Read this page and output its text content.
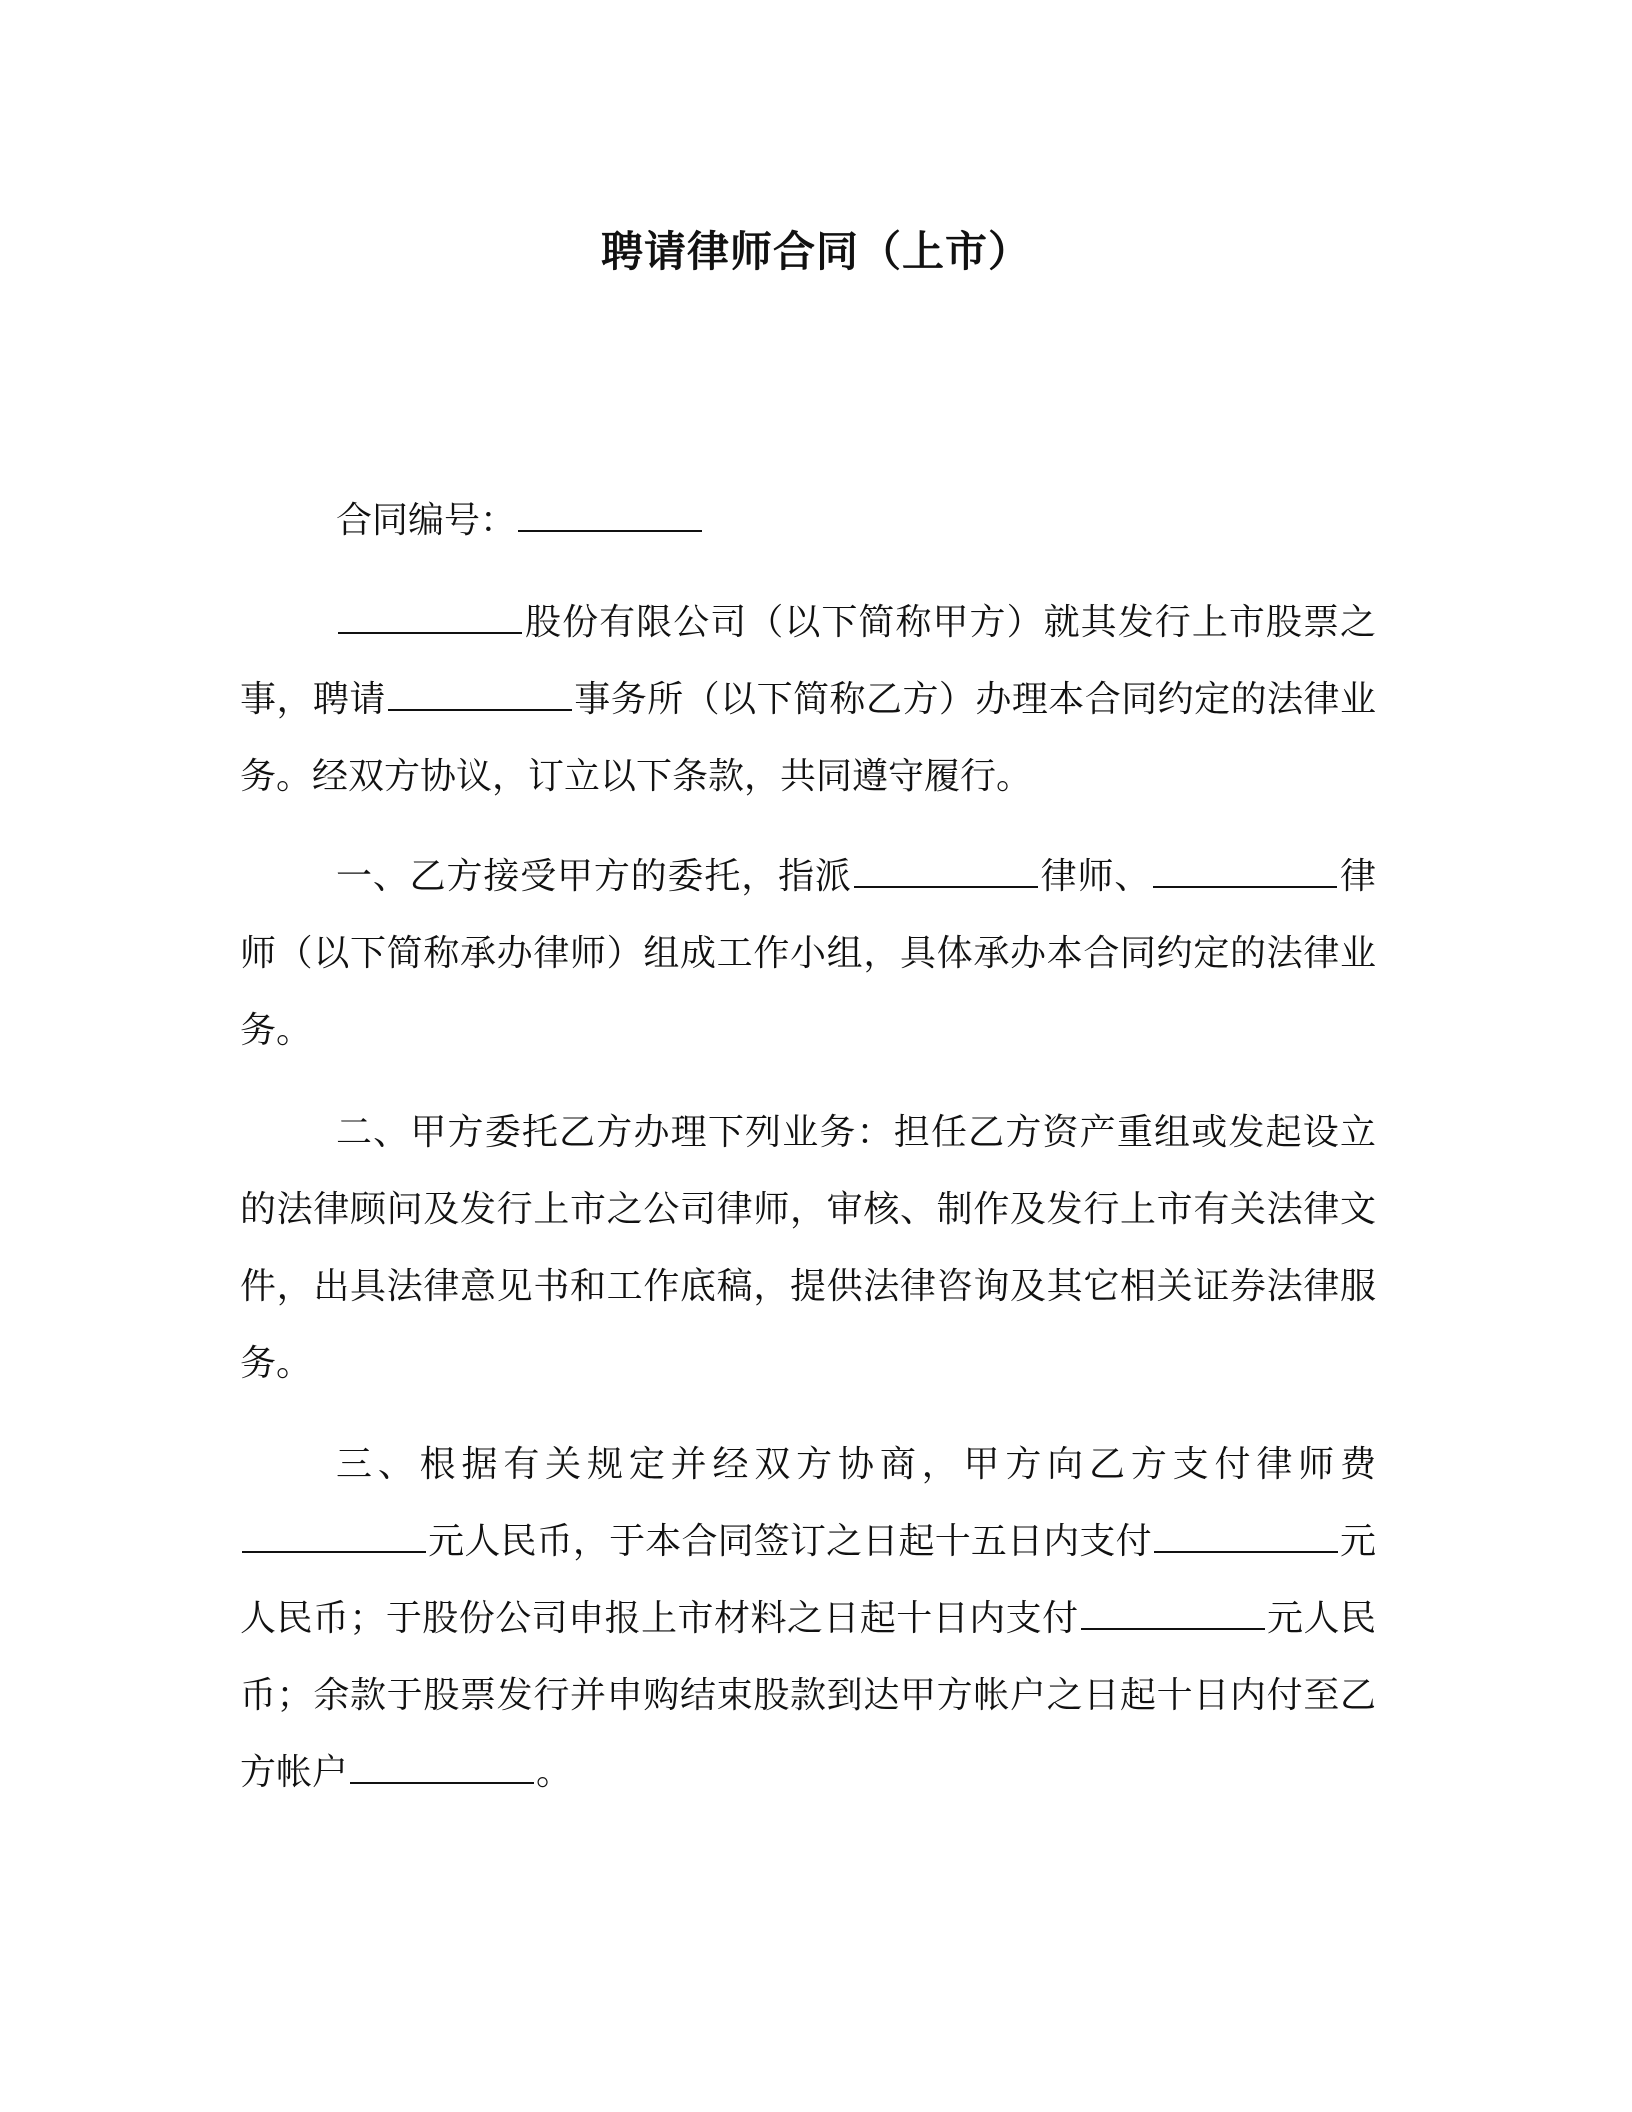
聘请律师合同（上市）

合同编号：

股份有限公司（以下简称甲方）就其发行上市股票之事，聘请	事务所（以下简称乙方）办理本合同约定的法律业务。经双方协议，订立以下条款，共同遵守履行。

一、乙方接受甲方的委托，指派	律师、	律师（以下简称承办律师）组成工作小组，具体承办本合同约定的法律业务。

二、甲方委托乙方办理下列业务：担任乙方资产重组或发起设立的法律顾问及发行上市之公司律师，审核、制作及发行上市有关法律文件，出具法律意见书和工作底稿，提供法律咨询及其它相关证券法律服务。

三、根据有关规定并经双方协商，甲方向乙方支付律师费元人民币，于本合同签订之日起十五日内支付	元人民币；于股份公司申报上市材料之日起十日内支付	元人民币；余款于股票发行并申购结束股款到达甲方帐户之日起十日内付至乙方帐户	。
